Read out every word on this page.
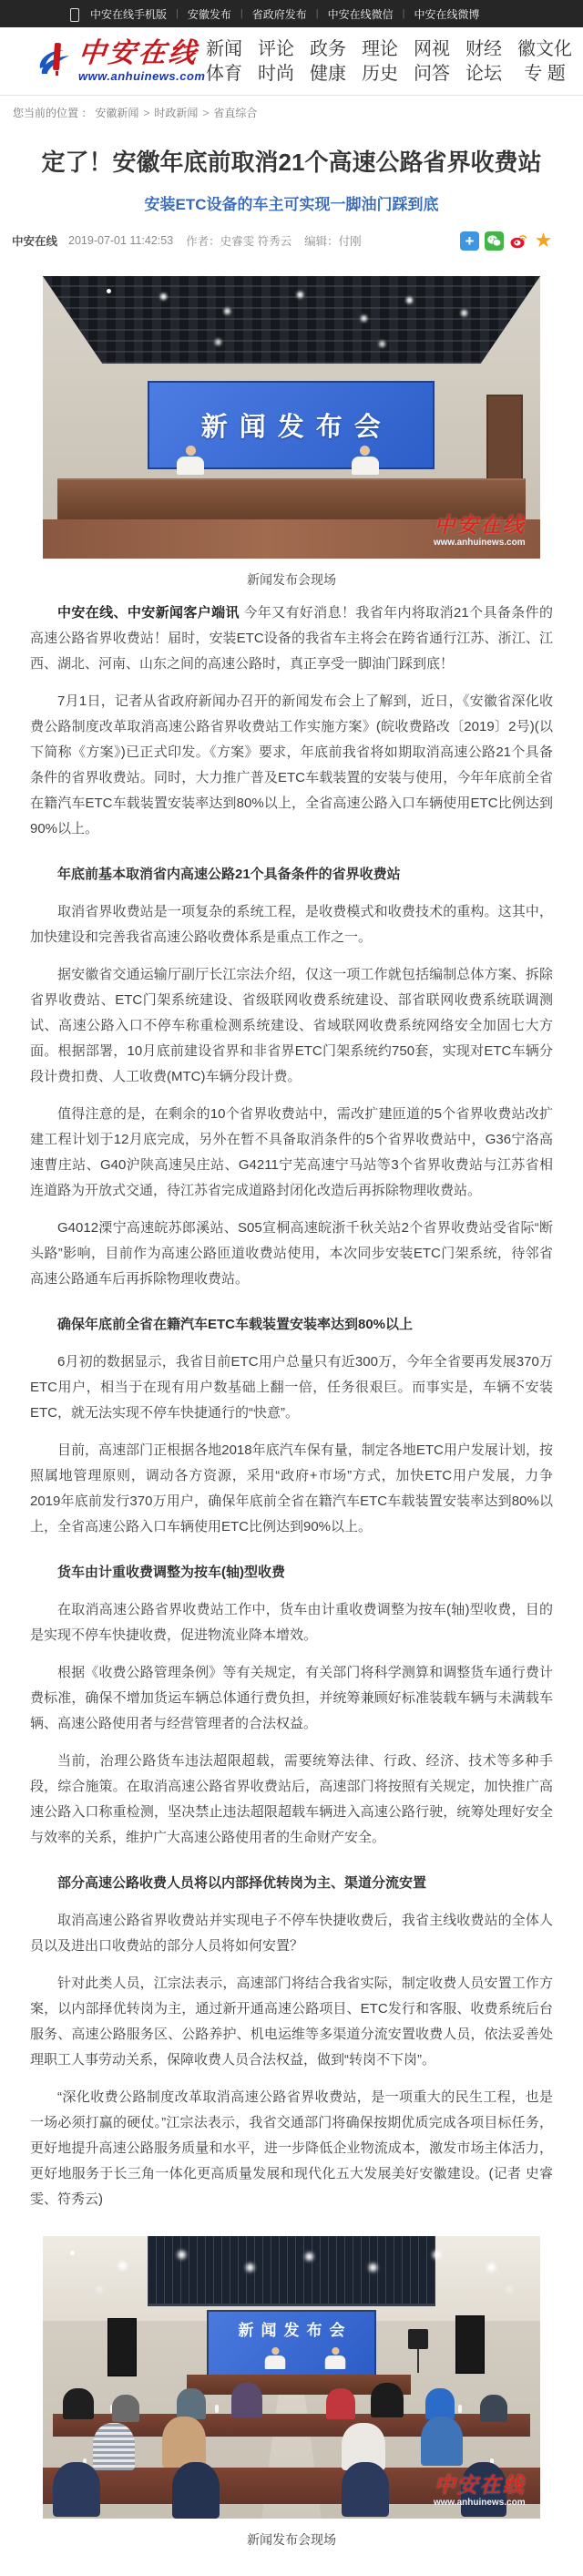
中安在线手机版 | 安徽发布 | 省政府发布 | 中安在线微信 | 中安在线微博
中安在线
www.anhuinews.com
新闻
体育
评论
时尚
政务
健康
理论
历史
网视
问答
财经
论坛
徽文化
专 题
您当前的位置 ： 安徽新闻 > 时政新闻 > 省直综合
定了！安徽年底前取消21个高速公路省界收费站
安装ETC设备的车主可实现一脚油门踩到底
中安在线 2019-07-01 11:42:53 作者：史睿雯 符秀云 编辑：付刚	+	★
新闻发布会
中安在线
www.anhuinews.com
新闻发布会现场

中安在线、中安新闻客户端讯 今年又有好消息！我省年内将取消21个具备条件的高速公路省界收费站！届时，安装ETC设备的我省车主将会在跨省通行江苏、浙江、江西、湖北、河南、山东之间的高速公路时，真正享受一脚油门踩到底！

7月1日，记者从省政府新闻办召开的新闻发布会上了解到，近日，《安徽省深化收费公路制度改革取消高速公路省界收费站工作实施方案》(皖收费路改〔2019〕2号)(以下简称《方案》)已正式印发。《方案》要求，年底前我省将如期取消高速公路21个具备条件的省界收费站。同时，大力推广普及ETC车载装置的安装与使用，今年年底前全省在籍汽车ETC车载装置安装率达到80%以上，全省高速公路入口车辆使用ETC比例达到90%以上。

年底前基本取消省内高速公路21个具备条件的省界收费站

取消省界收费站是一项复杂的系统工程，是收费模式和收费技术的重构。这其中，加快建设和完善我省高速公路收费体系是重点工作之一。

据安徽省交通运输厅副厅长江宗法介绍，仅这一项工作就包括编制总体方案、拆除省界收费站、ETC门架系统建设、省级联网收费系统建设、部省联网收费系统联调测试、高速公路入口不停车称重检测系统建设、省域联网收费系统网络安全加固七大方面。根据部署，10月底前建设省界和非省界ETC门架系统约750套，实现对ETC车辆分段计费扣费、人工收费(MTC)车辆分段计费。

值得注意的是，在剩余的10个省界收费站中，需改扩建匝道的5个省界收费站改扩建工程计划于12月底完成，另外在暂不具备取消条件的5个省界收费站中，G36宁洛高速曹庄站、G40沪陕高速吴庄站、G4211宁芜高速宁马站等3个省界收费站与江苏省相连道路为开放式交通，待江苏省完成道路封闭化改造后再拆除物理收费站。

G4012溧宁高速皖苏郎溪站、S05宣桐高速皖浙千秋关站2个省界收费站受省际“断头路”影响，目前作为高速公路匝道收费站使用，本次同步安装ETC门架系统，待邻省高速公路通车后再拆除物理收费站。

确保年底前全省在籍汽车ETC车载装置安装率达到80%以上

6月初的数据显示，我省目前ETC用户总量只有近300万，今年全省要再发展370万ETC用户，相当于在现有用户数基础上翻一倍，任务很艰巨。而事实是，车辆不安装ETC，就无法实现不停车快捷通行的“快意”。

目前，高速部门正根据各地2018年底汽车保有量，制定各地ETC用户发展计划，按照属地管理原则，调动各方资源，采用“政府+市场”方式，加快ETC用户发展，力争2019年底前发行370万用户，确保年底前全省在籍汽车ETC车载装置安装率达到80%以上，全省高速公路入口车辆使用ETC比例达到90%以上。

货车由计重收费调整为按车(轴)型收费

在取消高速公路省界收费站工作中，货车由计重收费调整为按车(轴)型收费，目的是实现不停车快捷收费，促进物流业降本增效。

根据《收费公路管理条例》等有关规定，有关部门将科学测算和调整货车通行费计费标准，确保不增加货运车辆总体通行费负担，并统筹兼顾好标准装载车辆与未满载车辆、高速公路使用者与经营管理者的合法权益。

当前，治理公路货车违法超限超载，需要统筹法律、行政、经济、技术等多种手段，综合施策。在取消高速公路省界收费站后，高速部门将按照有关规定，加快推广高速公路入口称重检测，坚决禁止违法超限超载车辆进入高速公路行驶，统筹处理好安全与效率的关系，维护广大高速公路使用者的生命财产安全。

部分高速公路收费人员将以内部择优转岗为主、渠道分流安置

取消高速公路省界收费站并实现电子不停车快捷收费后，我省主线收费站的全体人员以及进出口收费站的部分人员将如何安置？

针对此类人员，江宗法表示，高速部门将结合我省实际，制定收费人员安置工作方案，以内部择优转岗为主，通过新开通高速公路项目、ETC发行和客服、收费系统后台服务、高速公路服务区、公路养护、机电运维等多渠道分流安置收费人员，依法妥善处理职工人事劳动关系，保障收费人员合法权益，做到“转岗不下岗”。

“深化收费公路制度改革取消高速公路省界收费站，是一项重大的民生工程，也是一场必须打赢的硬仗。”江宗法表示，我省交通部门将确保按期优质完成各项目标任务，更好地提升高速公路服务质量和水平，进一步降低企业物流成本，激发市场主体活力，更好地服务于长三角一体化更高质量发展和现代化五大发展美好安徽建设。(记者 史睿雯、符秀云)

新闻发布会
中安在线
www.anhuinews.com
新闻发布会现场
